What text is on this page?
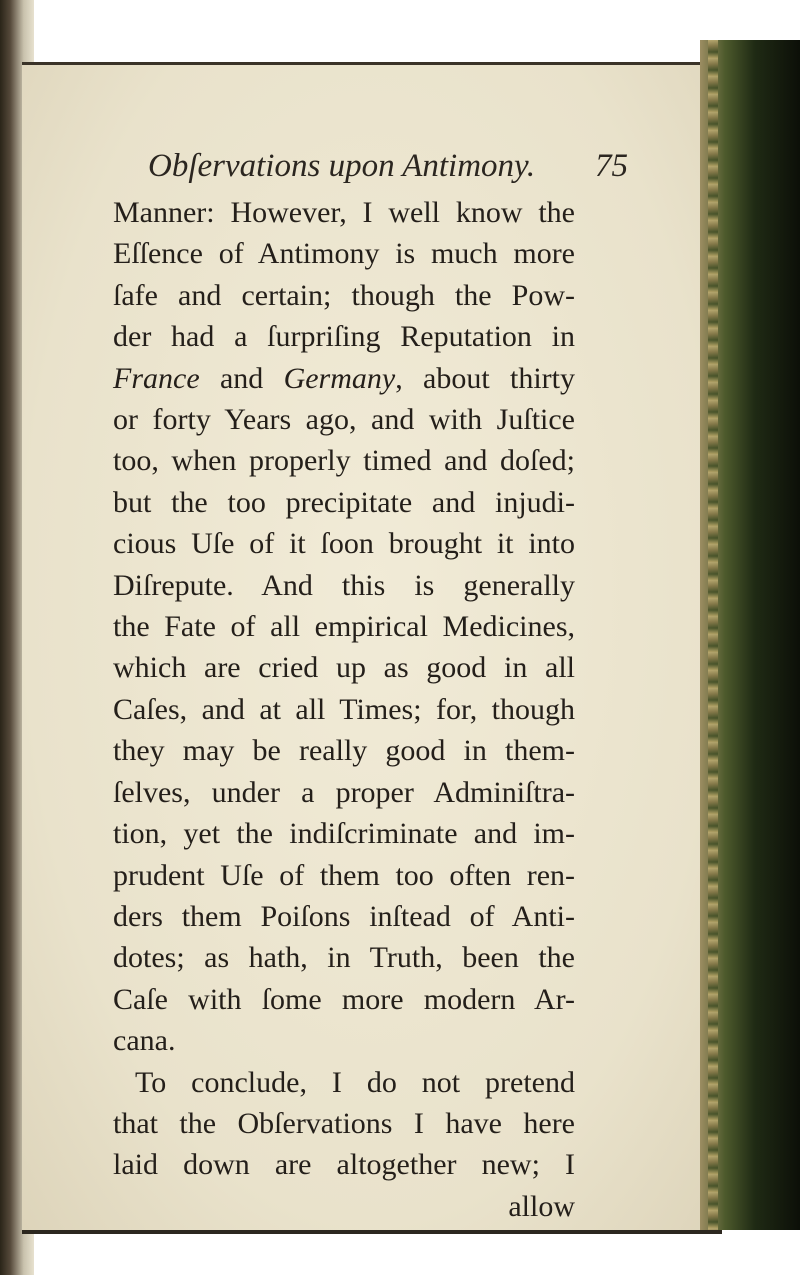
Obſervations upon Antimony. 75
Manner: However, I well know the
Eſſence of Antimony is much more
ſafe and certain; though the Pow-
der had a ſurpriſing Reputation in
France and Germany, about thirty
or forty Years ago, and with Juſtice
too, when properly timed and doſed;
but the too precipitate and injudi-
cious Uſe of it ſoon brought it into
Diſrepute. And this is generally
the Fate of all empirical Medicines,
which are cried up as good in all
Caſes, and at all Times; for, though
they may be really good in them-
ſelves, under a proper Adminiſtra-
tion, yet the indiſcriminate and im-
prudent Uſe of them too often ren-
ders them Poiſons inſtead of Anti-
dotes; as hath, in Truth, been the
Caſe with ſome more modern Ar-
cana.
To conclude, I do not pretend
that the Obſervations I have here
laid down are altogether new; I
allow
